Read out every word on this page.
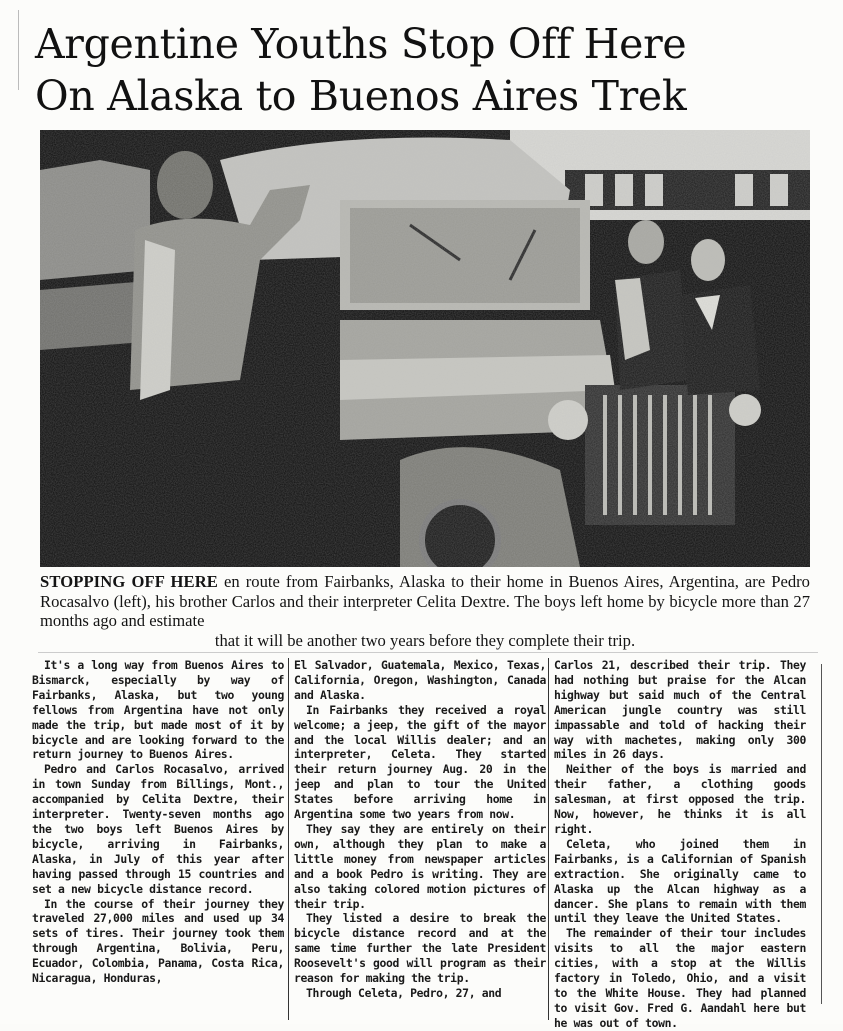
Argentine Youths Stop Off Here
On Alaska to Buenos Aires Trek
STOPPING OFF HERE en route from Fairbanks, Alaska to their home in Buenos Aires, Argentina, are Pedro Rocasalvo (left), his brother Carlos and their interpreter Celita Dextre. The boys left home by bicycle more than 27 months ago and estimate
that it will be another two years before they complete their trip.

It's a long way from Buenos Aires to Bismarck, especially by way of Fairbanks, Alaska, but two young fellows from Argentina have not only made the trip, but made most of it by bicycle and are looking forward to the return journey to Buenos Aires.

Pedro and Carlos Rocasalvo, arrived in town Sunday from Billings, Mont., accompanied by Celita Dextre, their interpreter. Twenty-seven months ago the two boys left Buenos Aires by bicycle, arriving in Fairbanks, Alaska, in July of this year after having passed through 15 countries and set a new bicycle distance record.

In the course of their journey they traveled 27,000 miles and used up 34 sets of tires. Their journey took them through Argentina, Bolivia, Peru, Ecuador, Colombia, Panama, Costa Rica, Nicaragua, Honduras,

El Salvador, Guatemala, Mexico, Texas, California, Oregon, Washington, Canada and Alaska.

In Fairbanks they received a royal welcome; a jeep, the gift of the mayor and the local Willis dealer; and an interpreter, Celeta. They started their return journey Aug. 20 in the jeep and plan to tour the United States before arriving home in Argentina some two years from now.

They say they are entirely on their own, although they plan to make a little money from newspaper articles and a book Pedro is writing. They are also taking colored motion pictures of their trip.

They listed a desire to break the bicycle distance record and at the same time further the late President Roosevelt's good will program as their reason for making the trip.

Through Celeta, Pedro, 27, and

Carlos 21, described their trip. They had nothing but praise for the Alcan highway but said much of the Central American jungle country was still impassable and told of hacking their way with machetes, making only 300 miles in 26 days.

Neither of the boys is married and their father, a clothing goods salesman, at first opposed the trip. Now, however, he thinks it is all right.

Celeta, who joined them in Fairbanks, is a Californian of Spanish extraction. She originally came to Alaska up the Alcan highway as a dancer. She plans to remain with them until they leave the United States.

The remainder of their tour includes visits to all the major eastern cities, with a stop at the Willis factory in Toledo, Ohio, and a visit to the White House. They had planned to visit Gov. Fred G. Aandahl here but he was out of town.
